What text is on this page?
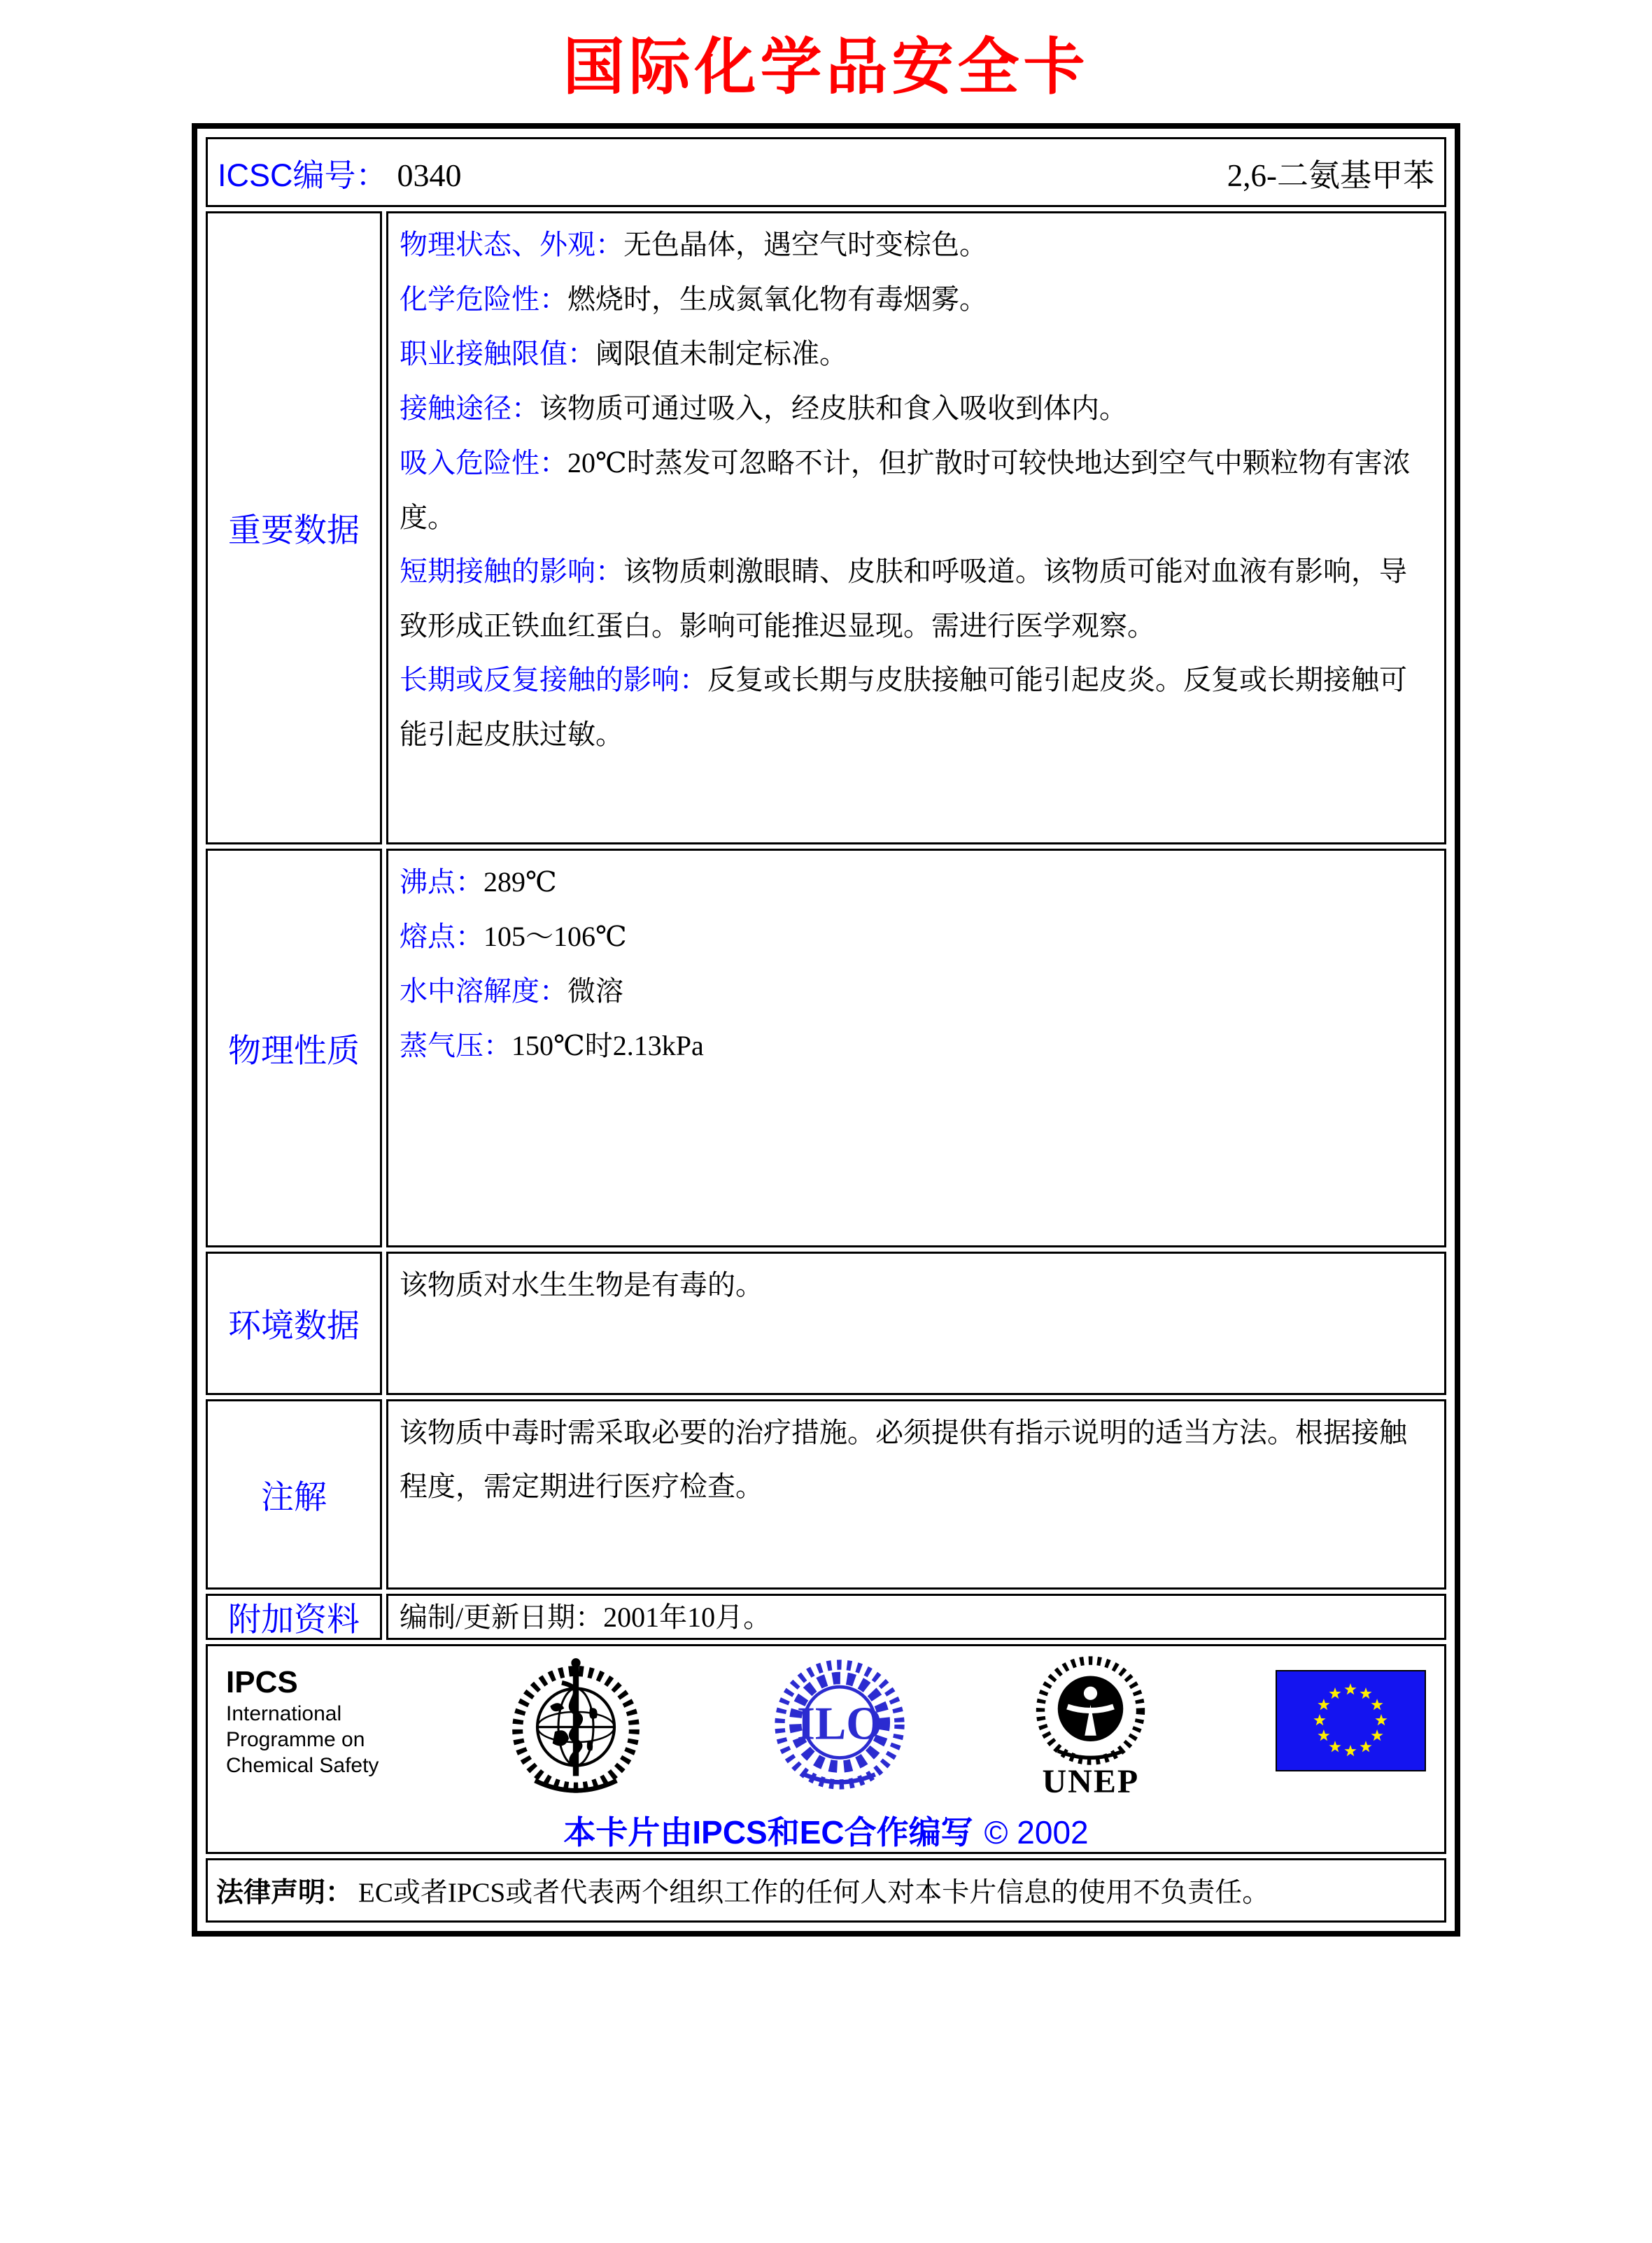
国际化学品安全卡
ICSC编号： 0340	2,6-二氨基甲苯
重要数据

物理状态、外观：无色晶体，遇空气时变棕色。

化学危险性：燃烧时，生成氮氧化物有毒烟雾。

职业接触限值：阈限值未制定标准。

接触途径：该物质可通过吸入，经皮肤和食入吸收到体内。

吸入危险性：20℃时蒸发可忽略不计，但扩散时可较快地达到空气中颗粒物有害浓度。

短期接触的影响：该物质刺激眼睛、皮肤和呼吸道。该物质可能对血液有影响，导致形成正铁血红蛋白。影响可能推迟显现。需进行医学观察。

长期或反复接触的影响：反复或长期与皮肤接触可能引起皮炎。反复或长期接触可能引起皮肤过敏。

物理性质

沸点：289℃

熔点：105～106℃

水中溶解度：微溶

蒸气压：150℃时2.13kPa

环境数据

该物质对水生生物是有毒的。

注解

该物质中毒时需采取必要的治疗措施。必须提供有指示说明的适当方法。根据接触程度，需定期进行医疗检查。

附加资料	编制/更新日期：2001年10月。
IPCS
International
Programme on
Chemical Safety
ILO
UNEP
本卡片由IPCS和EC合作编写 © 2002
法律声明： EC或者IPCS或者代表两个组织工作的任何人对本卡片信息的使用不负责任。
